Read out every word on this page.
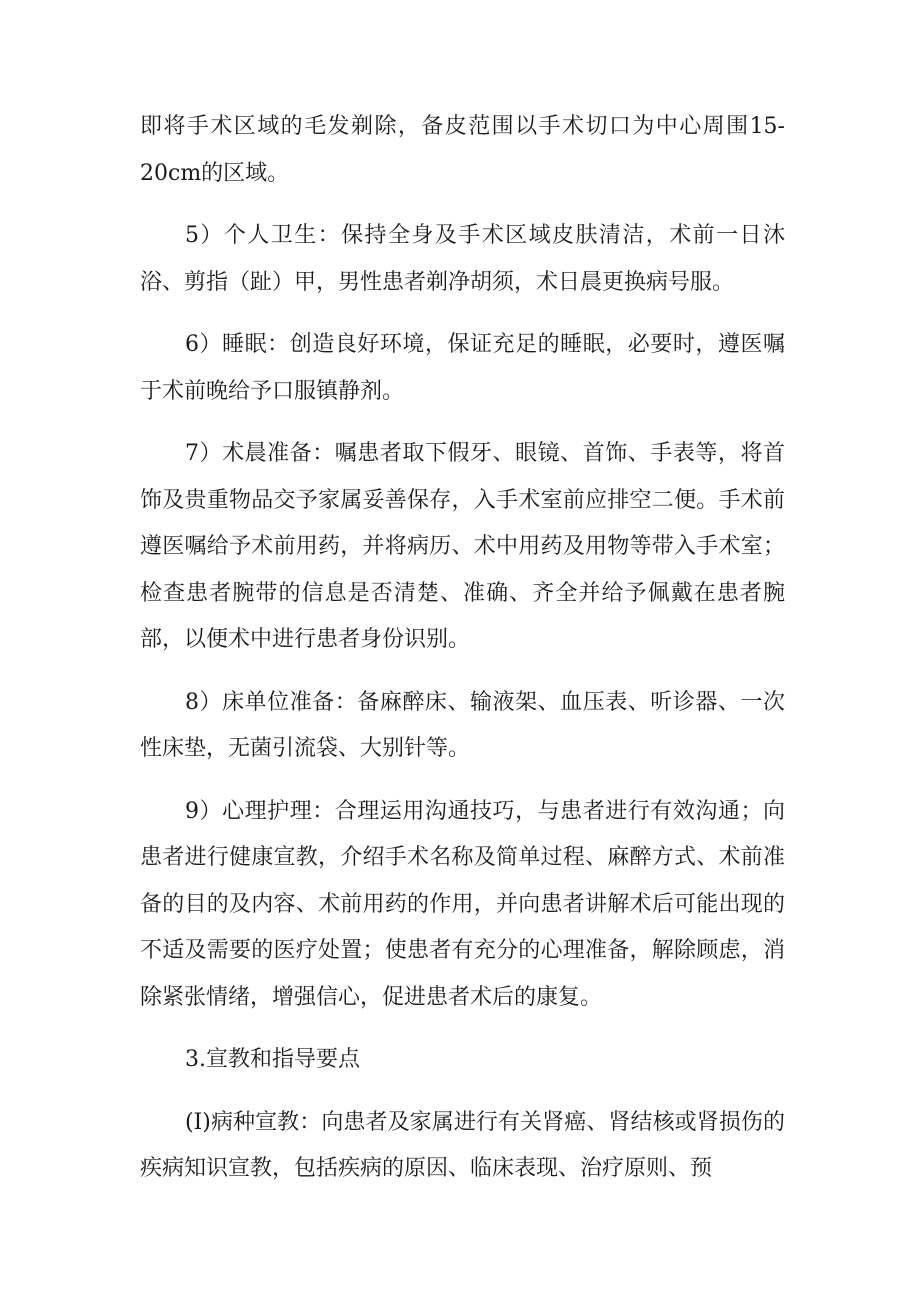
即将手术区域的毛发剃除，备皮范围以手术切口为中心周围15-20cm的区域。

5）个人卫生：保持全身及手术区域皮肤清洁，术前一日沐浴、剪指（趾）甲，男性患者剃净胡须，术日晨更换病号服。

6）睡眠：创造良好环境，保证充足的睡眠，必要时，遵医嘱于术前晚给予口服镇静剂。

7）术晨准备：嘱患者取下假牙、眼镜、首饰、手表等，将首饰及贵重物品交予家属妥善保存，入手术室前应排空二便。手术前遵医嘱给予术前用药，并将病历、术中用药及用物等带入手术室；检查患者腕带的信息是否清楚、准确、齐全并给予佩戴在患者腕部，以便术中进行患者身份识别。

8）床单位准备：备麻醉床、输液架、血压表、听诊器、一次性床垫，无菌引流袋、大别针等。

9）心理护理：合理运用沟通技巧，与患者进行有效沟通；向患者进行健康宣教，介绍手术名称及简单过程、麻醉方式、术前准备的目的及内容、术前用药的作用，并向患者讲解术后可能出现的不适及需要的医疗处置；使患者有充分的心理准备，解除顾虑，消除紧张情绪，增强信心，促进患者术后的康复。

3.宣教和指导要点

(I)病种宣教：向患者及家属进行有关肾癌、肾结核或肾损伤的疾病知识宣教，包括疾病的原因、临床表现、治疗原则、预
